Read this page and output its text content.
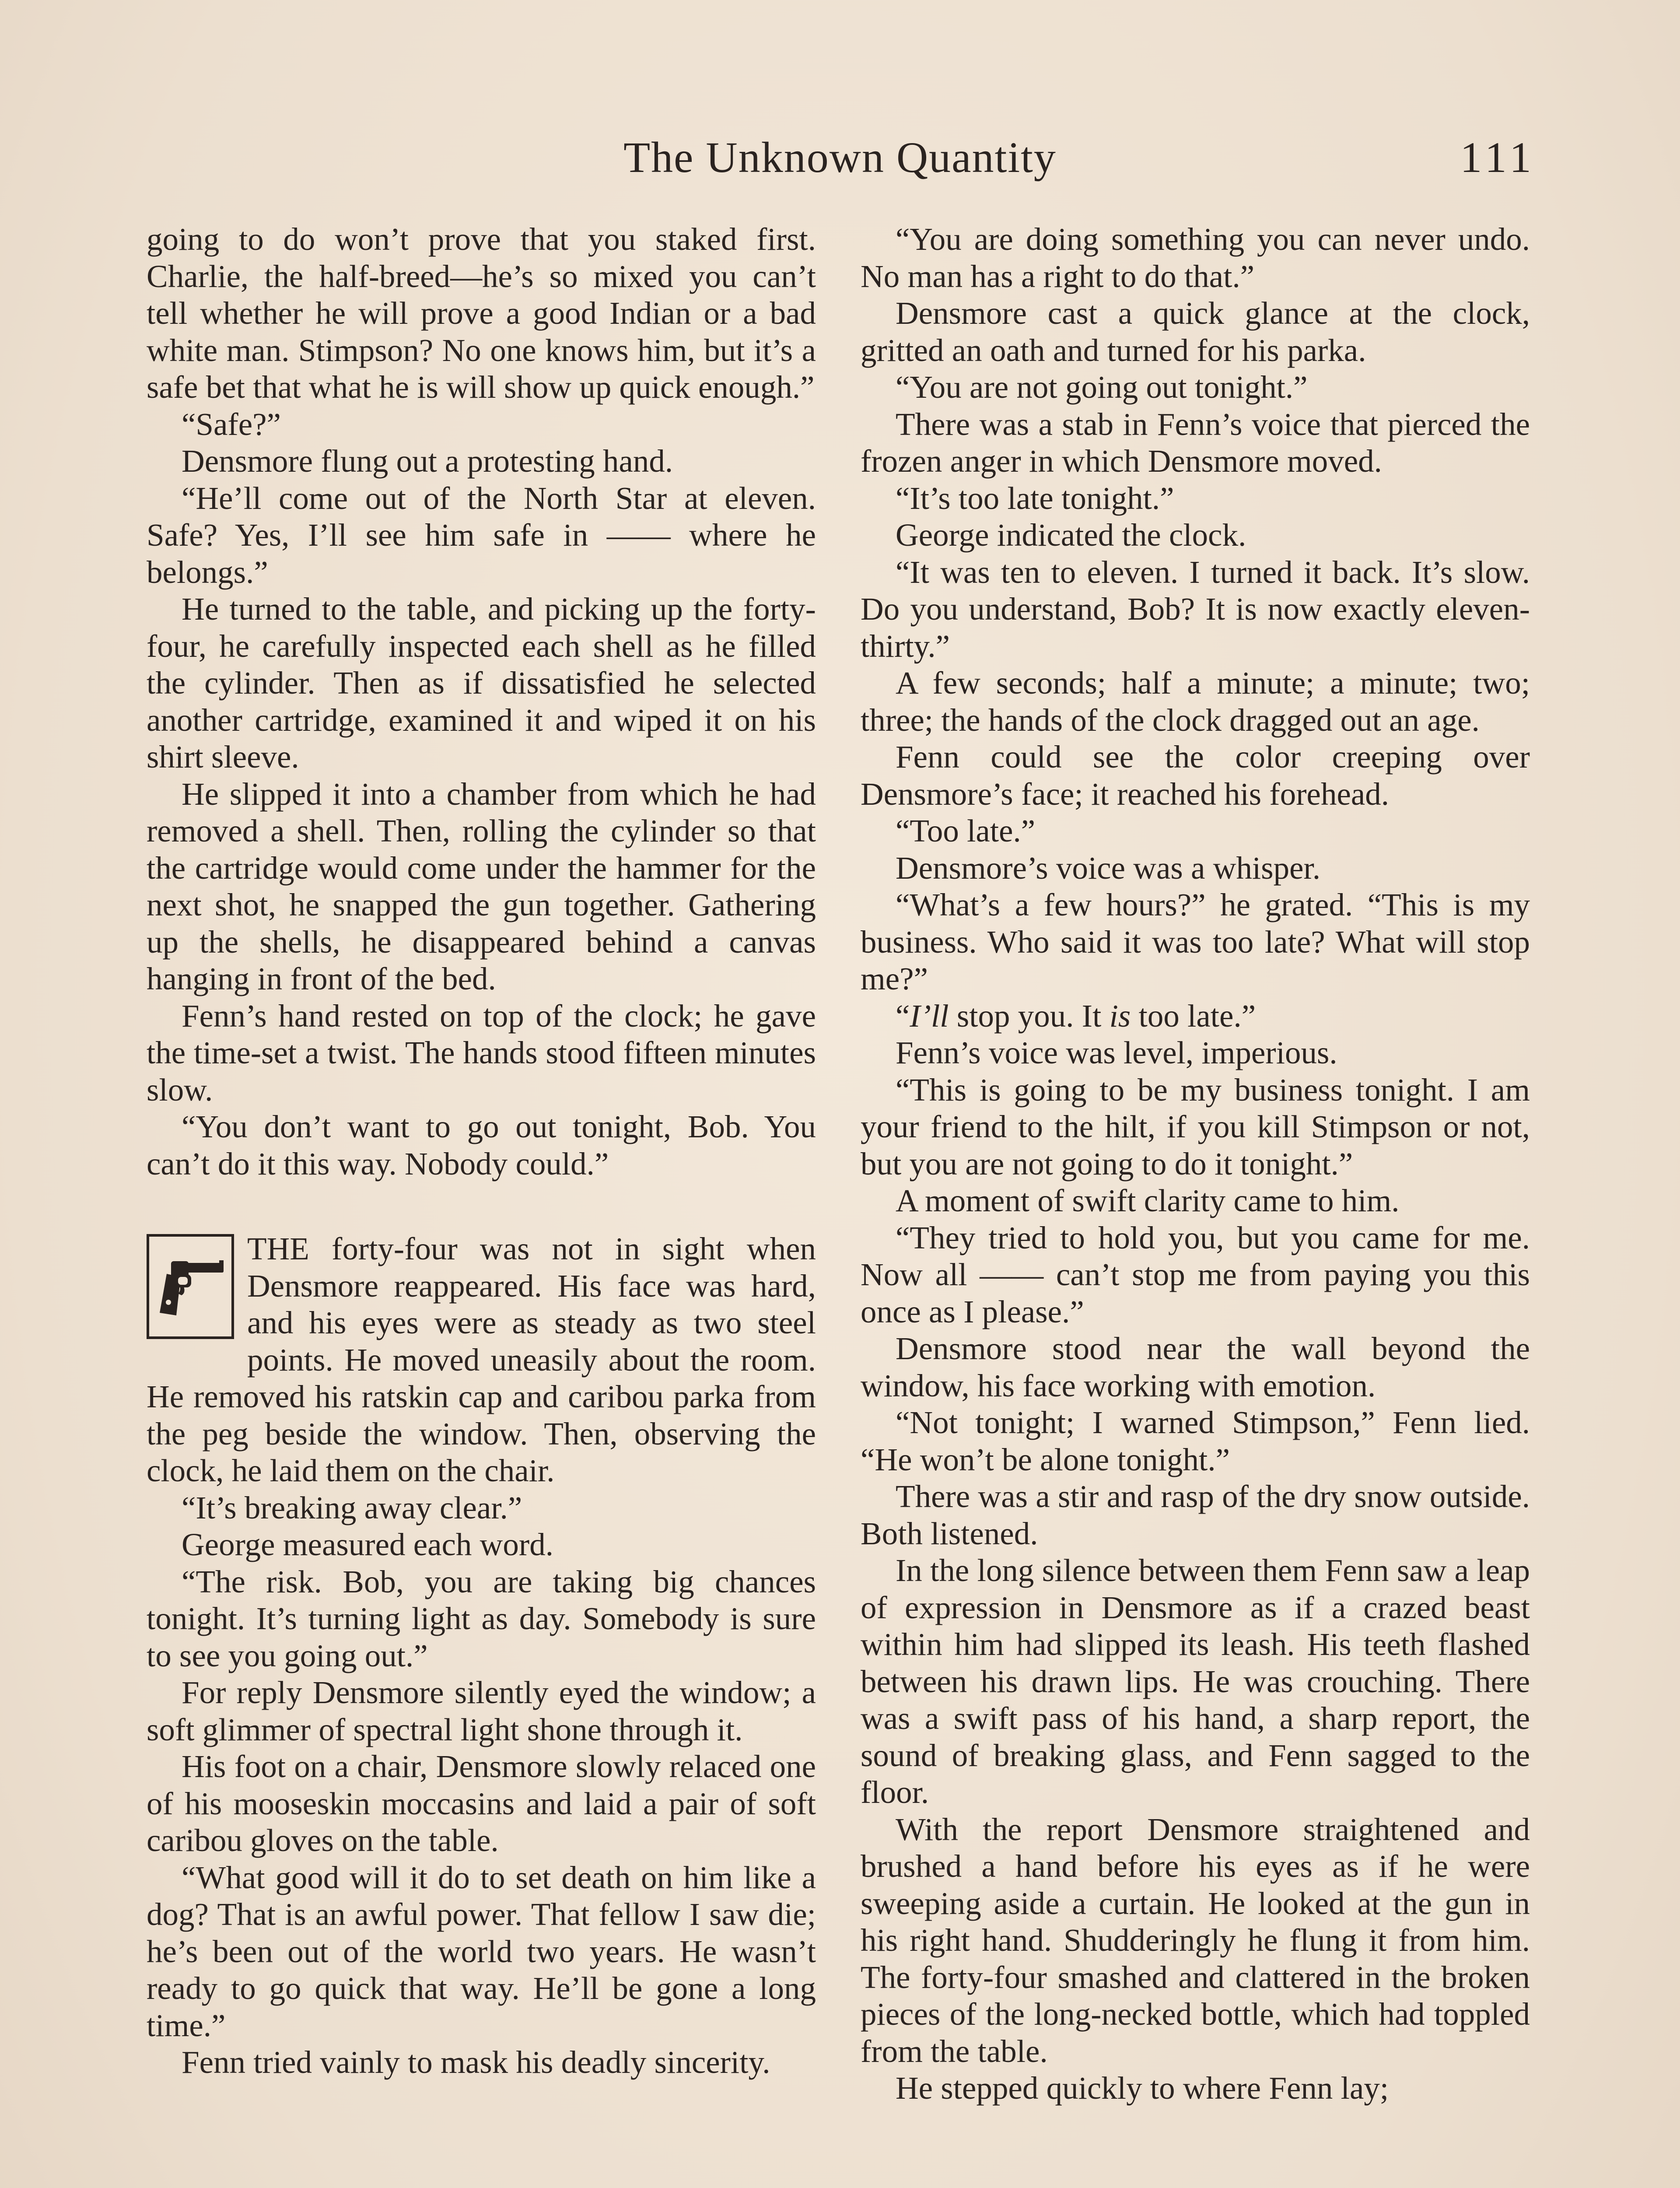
The Unknown Quantity	111

going to do won’t prove that you staked first. Charlie, the half-breed—he’s so mixed you can’t tell whether he will prove a good Indian or a bad white man. Stimpson? No one knows him, but it’s a safe bet that what he is will show up quick enough.”

“Safe?”

Densmore flung out a protesting hand.

“He’ll come out of the North Star at eleven. Safe? Yes, I’ll see him safe in —— where he belongs.”

He turned to the table, and picking up the forty-four, he carefully inspected each shell as he filled the cylinder. Then as if dissatisfied he selected another cartridge, examined it and wiped it on his shirt sleeve.

He slipped it into a chamber from which he had removed a shell. Then, rolling the cylinder so that the cartridge would come under the hammer for the next shot, he snapped the gun together. Gathering up the shells, he disappeared behind a canvas hanging in front of the bed.

Fenn’s hand rested on top of the clock; he gave the time-set a twist. The hands stood fifteen minutes slow.

“You don’t want to go out tonight, Bob. You can’t do it this way. Nobody could.”

THE forty-four was not in sight when Densmore reappeared. His face was hard, and his eyes were as steady as two steel points. He moved uneasily about the room. He removed his ratskin cap and caribou parka from the peg beside the window. Then, observing the clock, he laid them on the chair.

“It’s breaking away clear.”

George measured each word.

“The risk. Bob, you are taking big chances tonight. It’s turning light as day. Somebody is sure to see you going out.”

For reply Densmore silently eyed the window; a soft glimmer of spectral light shone through it.

His foot on a chair, Densmore slowly relaced one of his mooseskin moccasins and laid a pair of soft caribou gloves on the table.

“What good will it do to set death on him like a dog? That is an awful power. That fellow I saw die; he’s been out of the world two years. He wasn’t ready to go quick that way. He’ll be gone a long time.”

Fenn tried vainly to mask his deadly sincerity.

“You are doing something you can never undo. No man has a right to do that.”

Densmore cast a quick glance at the clock, gritted an oath and turned for his parka.

“You are not going out tonight.”

There was a stab in Fenn’s voice that pierced the frozen anger in which Densmore moved.

“It’s too late tonight.”

George indicated the clock.

“It was ten to eleven. I turned it back. It’s slow. Do you understand, Bob? It is now exactly eleven-thirty.”

A few seconds; half a minute; a minute; two; three; the hands of the clock dragged out an age.

Fenn could see the color creeping over Densmore’s face; it reached his forehead.

“Too late.”

Densmore’s voice was a whisper.

“What’s a few hours?” he grated. “This is my business. Who said it was too late? What will stop me?”

“I’ll stop you. It is too late.”

Fenn’s voice was level, imperious.

“This is going to be my business tonight. I am your friend to the hilt, if you kill Stimpson or not, but you are not going to do it tonight.”

A moment of swift clarity came to him.

“They tried to hold you, but you came for me. Now all —— can’t stop me from paying you this once as I please.”

Densmore stood near the wall beyond the window, his face working with emotion.

“Not tonight; I warned Stimpson,” Fenn lied. “He won’t be alone tonight.”

There was a stir and rasp of the dry snow outside. Both listened.

In the long silence between them Fenn saw a leap of expression in Densmore as if a crazed beast within him had slipped its leash. His teeth flashed between his drawn lips. He was crouching. There was a swift pass of his hand, a sharp report, the sound of breaking glass, and Fenn sagged to the floor.

With the report Densmore straightened and brushed a hand before his eyes as if he were sweeping aside a curtain. He looked at the gun in his right hand. Shudderingly he flung it from him. The forty-four smashed and clattered in the broken pieces of the long-necked bottle, which had toppled from the table.

He stepped quickly to where Fenn lay;
